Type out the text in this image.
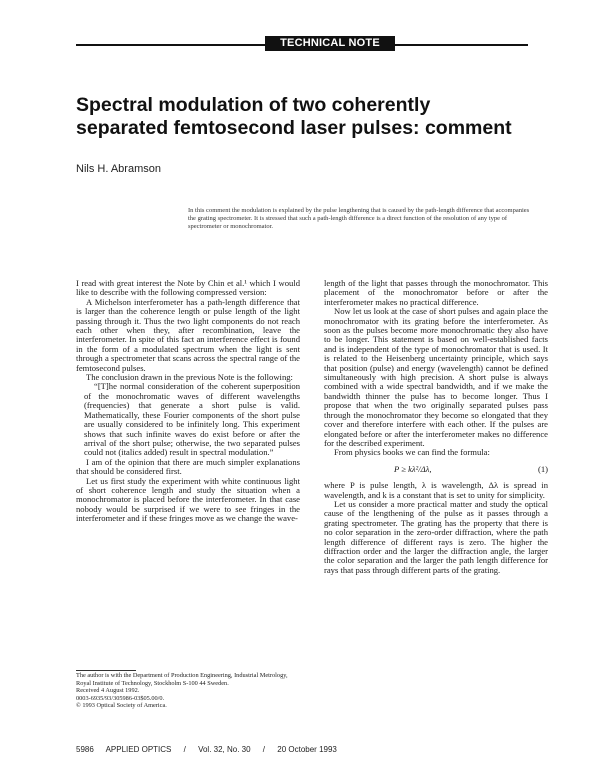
TECHNICAL NOTE
Spectral modulation of two coherently
separated femtosecond laser pulses: comment
Nils H. Abramson

In this comment the modulation is explained by the pulse lengthening that is caused by the path-length difference that accompanies the grating spectrometer. It is stressed that such a path-length difference is a direct function of the resolution of any type of spectrometer or monochromator.

I read with great interest the Note by Chin et al.¹ which I would like to describe with the following compressed version:

A Michelson interferometer has a path-length difference that is larger than the coherence length or pulse length of the light passing through it. Thus the two light components do not reach each other when they, after recombination, leave the interferometer. In spite of this fact an interference effect is found in the form of a modulated spectrum when the light is sent through a spectrometer that scans across the spectral range of the femtosecond pulses.

The conclusion drawn in the previous Note is the following:

“[T]he normal consideration of the coherent superposition of the monochromatic waves of different wavelengths (frequencies) that generate a short pulse is valid. Mathematically, these Fourier components of the short pulse are usually considered to be infinitely long. This experiment shows that such infinite waves do exist before or after the arrival of the short pulse; otherwise, the two separated pulses could not (italics added) result in spectral modulation.”

I am of the opinion that there are much simpler explanations that should be considered first.

Let us first study the experiment with white continuous light of short coherence length and study the situation when a monochromator is placed before the interferometer. In that case nobody would be surprised if we were to see fringes in the interferometer and if these fringes move as we change the wave-

length of the light that passes through the monochromator. This placement of the monochromator before or after the interferometer makes no practical difference.

Now let us look at the case of short pulses and again place the monochromator with its grating before the interferometer. As soon as the pulses become more monochromatic they also have to be longer. This statement is based on well-established facts and is independent of the type of monochromator that is used. It is related to the Heisenberg uncertainty principle, which says that position (pulse) and energy (wavelength) cannot be defined simultaneously with high precision. A short pulse is always combined with a wide spectral bandwidth, and if we make the bandwidth thinner the pulse has to become longer. Thus I propose that when the two originally separated pulses pass through the monochromator they become so elongated that they cover and therefore interfere with each other. If the pulses are elongated before or after the interferometer makes no difference for the described experiment.

From physics books we can find the formula:

P ≥ kλ²/Δλ,	(1)

where P is pulse length, λ is wavelength, Δλ is spread in wavelength, and k is a constant that is set to unity for simplicity.

Let us consider a more practical matter and study the optical cause of the lengthening of the pulse as it passes through a grating spectrometer. The grating has the property that there is no color separation in the zero-order diffraction, where the path length difference of different rays is zero. The higher the diffraction order and the larger the diffraction angle, the larger the color separation and the larger the path length difference for rays that pass through different parts of the grating.

The author is with the Department of Production Engineering, Industrial Metrology, Royal Institute of Technology, Stockholm S-100 44 Sweden.
Received 4 August 1992.
0003-6935/93/305986-03$05.00/0.
© 1993 Optical Society of America.
5986 APPLIED OPTICS / Vol. 32, No. 30 / 20 October 1993
